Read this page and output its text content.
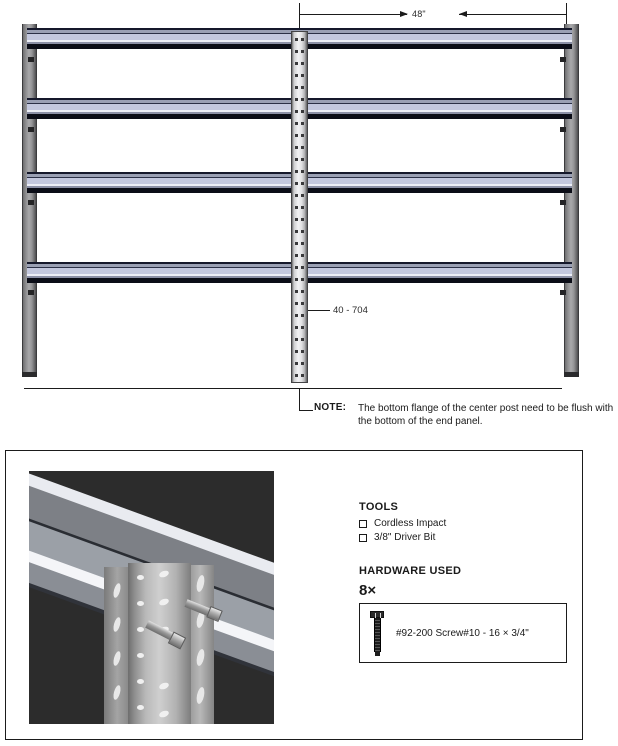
48"
40 - 704
NOTE: The bottom flange of the center post need to be flush with the bottom of the end panel.
TOOLS
Cordless Impact
3/8" Driver Bit
HARDWARE USED
8×
#92-200 Screw #10 - 16 × 3/4"
